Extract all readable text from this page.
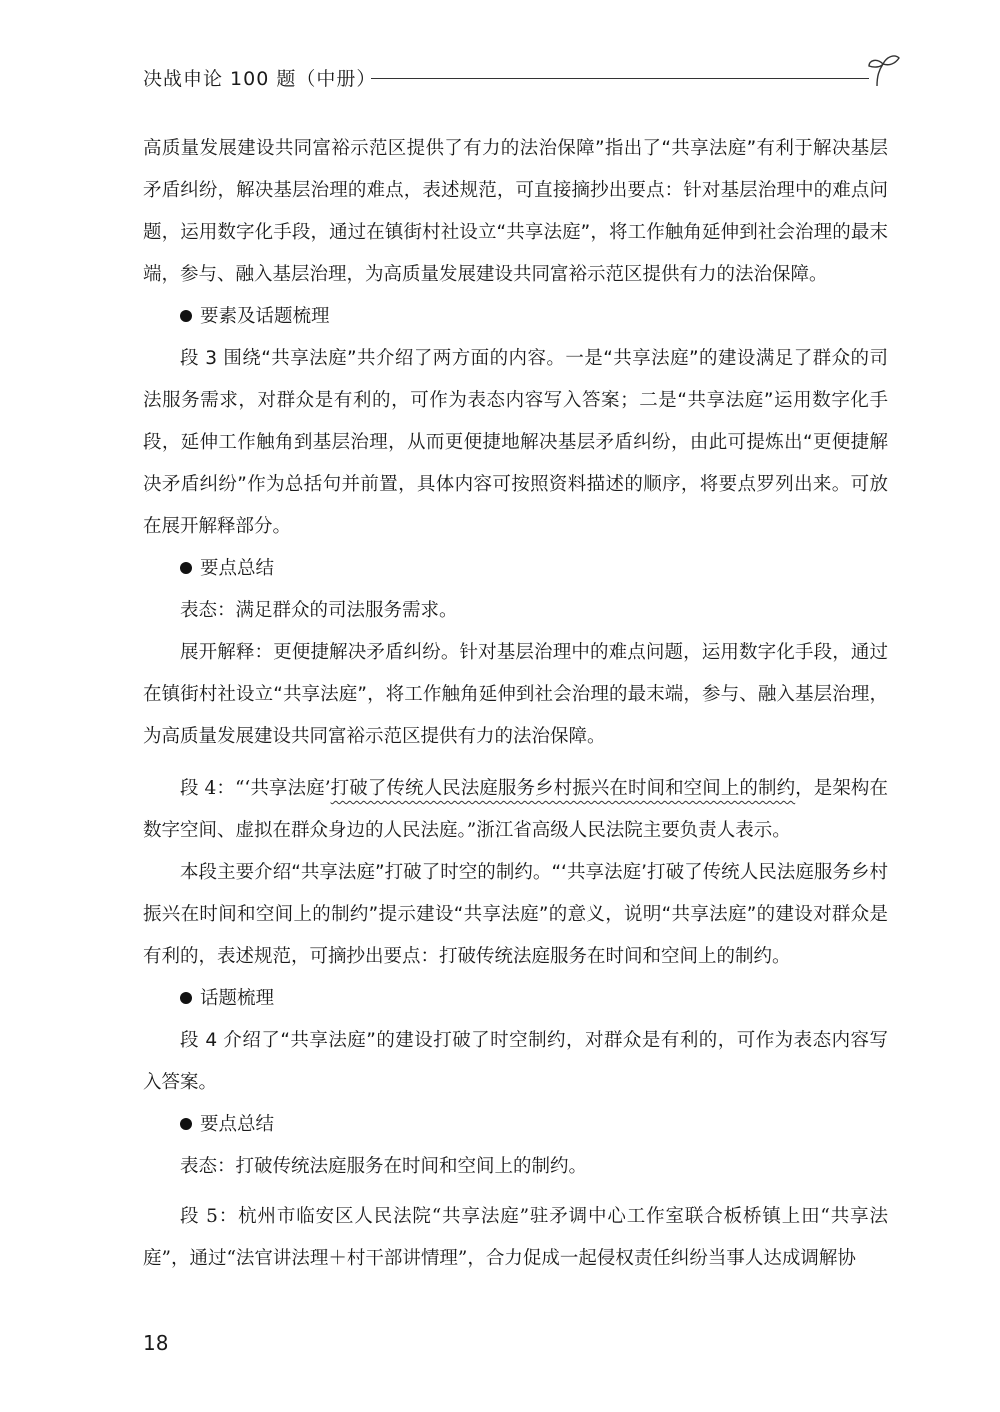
决战申论 100 题（中册）

高质量发展建设共同富裕示范区提供了有力的法治保障”指出了“共享法庭”有利于解决基层矛盾纠纷，解决基层治理的难点，表述规范，可直接摘抄出要点：针对基层治理中的难点问题，运用数字化手段，通过在镇街村社设立“共享法庭”，将工作触角延伸到社会治理的最末端，参与、融入基层治理，为高质量发展建设共同富裕示范区提供有力的法治保障。

要素及话题梳理

段 3 围绕“共享法庭”共介绍了两方面的内容。一是“共享法庭”的建设满足了群众的司法服务需求，对群众是有利的，可作为表态内容写入答案；二是“共享法庭”运用数字化手段，延伸工作触角到基层治理，从而更便捷地解决基层矛盾纠纷，由此可提炼出“更便捷解决矛盾纠纷”作为总括句并前置，具体内容可按照资料描述的顺序，将要点罗列出来。可放在展开解释部分。

要点总结

表态：满足群众的司法服务需求。

展开解释：更便捷解决矛盾纠纷。针对基层治理中的难点问题，运用数字化手段，通过在镇街村社设立“共享法庭”，将工作触角延伸到社会治理的最末端，参与、融入基层治理，为高质量发展建设共同富裕示范区提供有力的法治保障。

段 4：“‘共享法庭’打破了传统人民法庭服务乡村振兴在时间和空间上的制约，是架构在数字空间、虚拟在群众身边的人民法庭。”浙江省高级人民法院主要负责人表示。

本段主要介绍“共享法庭”打破了时空的制约。“‘共享法庭’打破了传统人民法庭服务乡村振兴在时间和空间上的制约”提示建设“共享法庭”的意义，说明“共享法庭”的建设对群众是有利的，表述规范，可摘抄出要点：打破传统法庭服务在时间和空间上的制约。

话题梳理

段 4 介绍了“共享法庭”的建设打破了时空制约，对群众是有利的，可作为表态内容写入答案。

要点总结

表态：打破传统法庭服务在时间和空间上的制约。

段 5：杭州市临安区人民法院“共享法庭”驻矛调中心工作室联合板桥镇上田“共享法庭”，通过“法官讲法理＋村干部讲情理”，合力促成一起侵权责任纠纷当事人达成调解协

18
